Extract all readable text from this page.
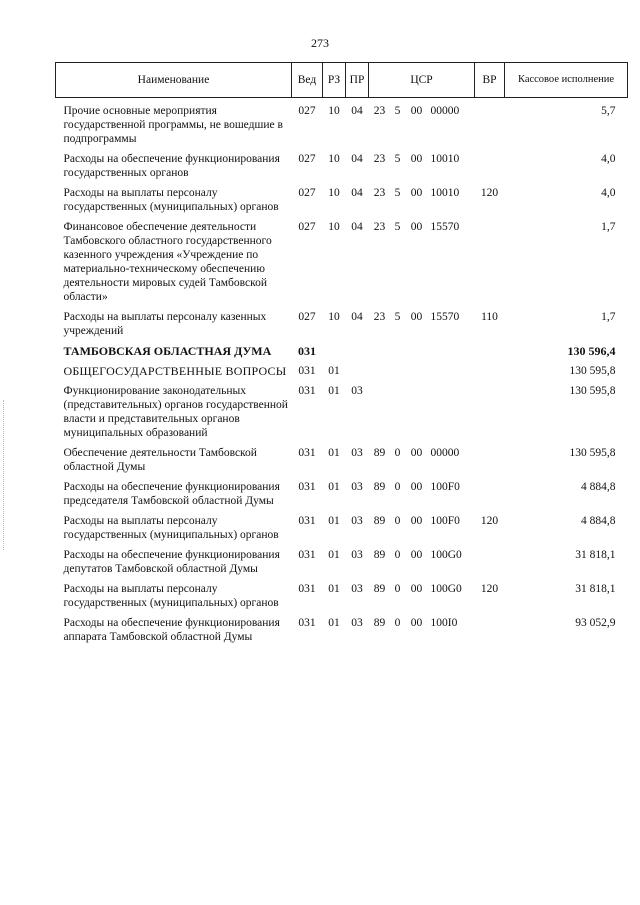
273
Наименование	Вед	РЗ	ПР	ЦСР	ВР	Кассовое исполнение
Прочие основные мероприятия государственной программы, не вошедшие в подпрограммы	027	10	04	23 5 00 00000		5,7
Расходы на обеспечение функционирования государственных органов	027	10	04	23 5 00 10010		4,0
Расходы на выплаты персоналу государственных (муниципальных) органов	027	10	04	23 5 00 10010	120	4,0
Финансовое обеспечение деятельности Тамбовского областного государственного казенного учреждения «Учреждение по материально-техническому обеспечению деятельности мировых судей Тамбовской области»	027	10	04	23 5 00 15570		1,7
Расходы на выплаты персоналу казенных учреждений	027	10	04	23 5 00 15570	110	1,7
ТАМБОВСКАЯ ОБЛАСТНАЯ ДУМА	031					130 596,4
ОБЩЕГОСУДАРСТВЕННЫЕ ВОПРОСЫ	031	01				130 595,8
Функционирование законодательных (представительных) органов государственной власти и представительных органов муниципальных образований	031	01	03			130 595,8
Обеспечение деятельности Тамбовской областной Думы	031	01	03	89 0 00 00000		130 595,8
Расходы на обеспечение функционирования председателя Тамбовской областной Думы	031	01	03	89 0 00 100F0		4 884,8
Расходы на выплаты персоналу государственных (муниципальных) органов	031	01	03	89 0 00 100F0	120	4 884,8
Расходы на обеспечение функционирования депутатов Тамбовской областной Думы	031	01	03	89 0 00 100G0		31 818,1
Расходы на выплаты персоналу государственных (муниципальных) органов	031	01	03	89 0 00 100G0	120	31 818,1
Расходы на обеспечение функционирования аппарата Тамбовской областной Думы	031	01	03	89 0 00 100I0		93 052,9
